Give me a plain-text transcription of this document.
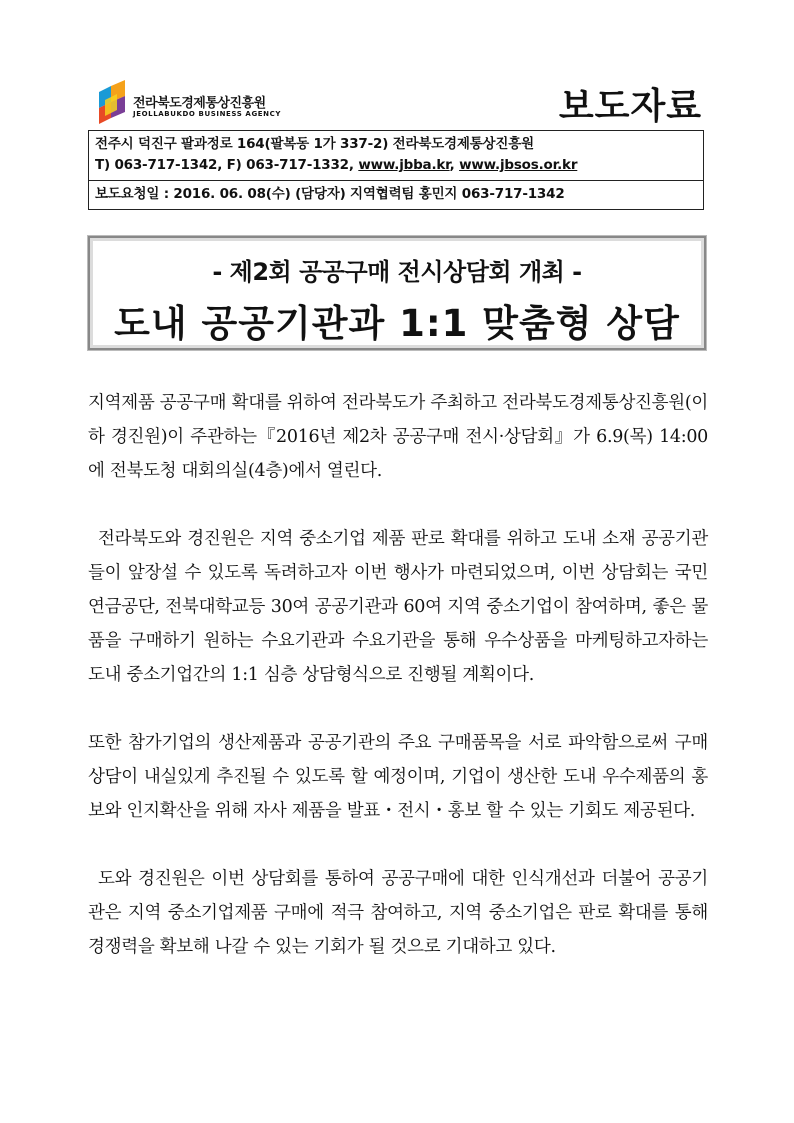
전라북도경제통상진흥원
JEOLLABUKDO BUSINESS AGENCY	보도자료
전주시 덕진구 팔과정로 164(팔복동 1가 337-2) 전라북도경제통상진흥원
T) 063-717-1342, F) 063-717-1332, www.jbba.kr, www.jbsos.or.kr
보도요청일 : 2016. 06. 08(수) (담당자) 지역협력팀 홍민지 063-717-1342
- 제2회 공공구매 전시상담회 개최 -
도내 공공기관과 1:1 맞춤형 상담

지역제품 공공구매 확대를 위하여 전라북도가 주최하고 전라북도경제통상진흥원(이하 경진원)이 주관하는『2016년 제2차 공공구매 전시·상담회』가 6.9(목) 14:00에 전북도청 대회의실(4층)에서 열린다.

전라북도와 경진원은 지역 중소기업 제품 판로 확대를 위하고 도내 소재 공공기관들이 앞장설 수 있도록 독려하고자 이번 행사가 마련되었으며, 이번 상담회는 국민연금공단, 전북대학교등 30여 공공기관과 60여 지역 중소기업이 참여하며, 좋은 물품을 구매하기 원하는 수요기관과 수요기관을 통해 우수상품을 마케팅하고자하는 도내 중소기업간의 1:1 심층 상담형식으로 진행될 계획이다.

또한 참가기업의 생산제품과 공공기관의 주요 구매품목을 서로 파악함으로써 구매상담이 내실있게 추진될 수 있도록 할 예정이며, 기업이 생산한 도내 우수제품의 홍보와 인지확산을 위해 자사 제품을 발표・전시・홍보 할 수 있는 기회도 제공된다.

도와 경진원은 이번 상담회를 통하여 공공구매에 대한 인식개선과 더불어 공공기관은 지역 중소기업제품 구매에 적극 참여하고, 지역 중소기업은 판로 확대를 통해 경쟁력을 확보해 나갈 수 있는 기회가 될 것으로 기대하고 있다.
